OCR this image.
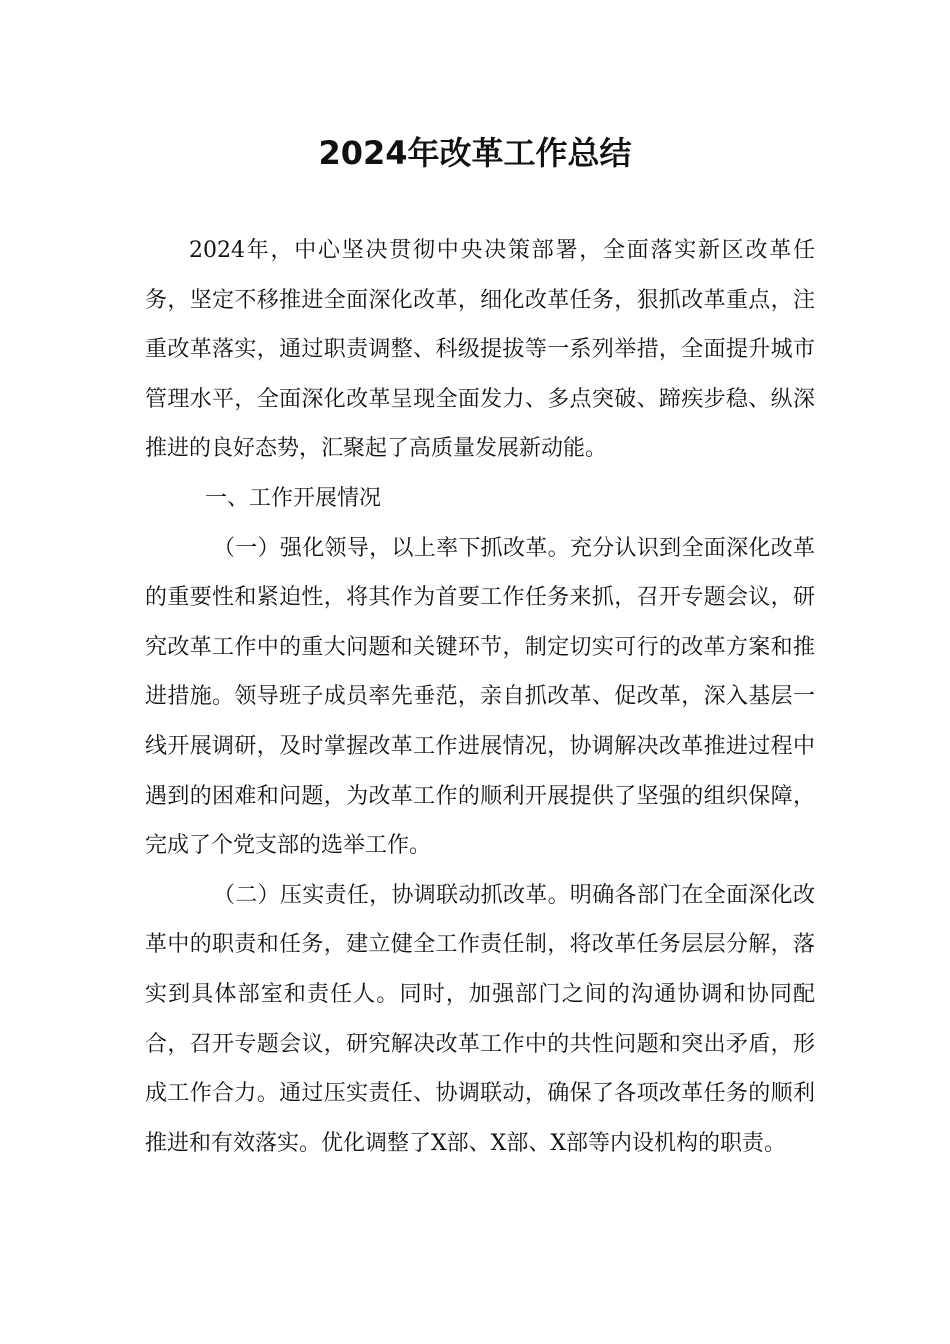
2024年改革工作总结

2024年，中心坚决贯彻中央决策部署，全面落实新区改革任务，坚定不移推进全面深化改革，细化改革任务，狠抓改革重点，注重改革落实，通过职责调整、科级提拔等一系列举措，全面提升城市管理水平，全面深化改革呈现全面发力、多点突破、蹄疾步稳、纵深推进的良好态势，汇聚起了高质量发展新动能。

一、工作开展情况

（一）强化领导，以上率下抓改革。充分认识到全面深化改革的重要性和紧迫性，将其作为首要工作任务来抓，召开专题会议，研究改革工作中的重大问题和关键环节，制定切实可行的改革方案和推进措施。领导班子成员率先垂范，亲自抓改革、促改革，深入基层一线开展调研，及时掌握改革工作进展情况，协调解决改革推进过程中遇到的困难和问题，为改革工作的顺利开展提供了坚强的组织保障，完成了个党支部的选举工作。

（二）压实责任，协调联动抓改革。明确各部门在全面深化改革中的职责和任务，建立健全工作责任制，将改革任务层层分解，落实到具体部室和责任人。同时，加强部门之间的沟通协调和协同配合，召开专题会议，研究解决改革工作中的共性问题和突出矛盾，形成工作合力。通过压实责任、协调联动，确保了各项改革任务的顺利推进和有效落实。优化调整了X部、X部、X部等内设机构的职责。
